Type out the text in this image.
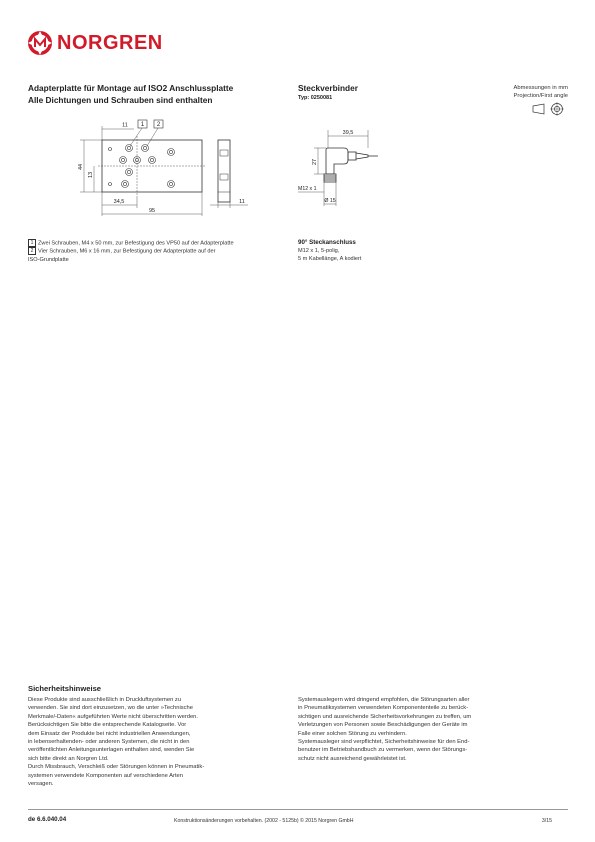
NORGREN
Adapterplatte für Montage auf ISO2 Anschlussplatte
Alle Dichtungen und Schrauben sind enthalten
Steckverbinder
Typ: 0250081
Abmessungen in mm
Projection/First angle
1 2
11
44
13
34,5
95
11
39,5
27
M12 x 1
Ø 15
1 Zwei Schrauben, M4 x 50 mm, zur Befestigung des VP50 auf der Adapterplatte
2 Vier Schrauben, M6 x 16 mm, zur Befestigung der Adapterplatte auf der
ISO-Grundplatte
90° Steckanschluss
M12 x 1, 5-polig,
5 m Kabellänge, A kodiert
Sicherheitshinweise
Diese Produkte sind ausschließlich in Druckluftsystemen zu
verwenden. Sie sind dort einzusetzen, wo die unter »Technische
Merkmale/-Daten« aufgeführten Werte nicht überschritten werden.
Berücksichtigen Sie bitte die entsprechende Katalogseite. Vor
dem Einsatz der Produkte bei nicht industriellen Anwendungen,
in lebenserhaltenden- oder anderen Systemen, die nicht in den
veröffentlichten Anleitungsunterlagen enthalten sind, wenden Sie
sich bitte direkt an Norgren Ltd.
Durch Missbrauch, Verschleiß oder Störungen können in Pneumatik-
systemen verwendete Komponenten auf verschiedene Arten
versagen.
Systemauslegern wird dringend empfohlen, die Störungsarten aller
in Pneumatiksystemen verwendeten Komponententeile zu berück-
sichtigen und ausreichende Sicherheitsvorkehrungen zu treffen, um
Verletzungen von Personen sowie Beschädigungen der Geräte im
Falle einer solchen Störung zu verhindern.
Systemausleger sind verpflichtet, Sicherheitshinweise für den End-
benutzer im Betriebshandbuch zu vermerken, wenn der Störungs-
schutz nicht ausreichend gewährleistet ist.
de 6.6.040.04	Konstruktionsänderungen vorbehalten. (2002 - 5125b) © 2015 Norgren GmbH	3/15
